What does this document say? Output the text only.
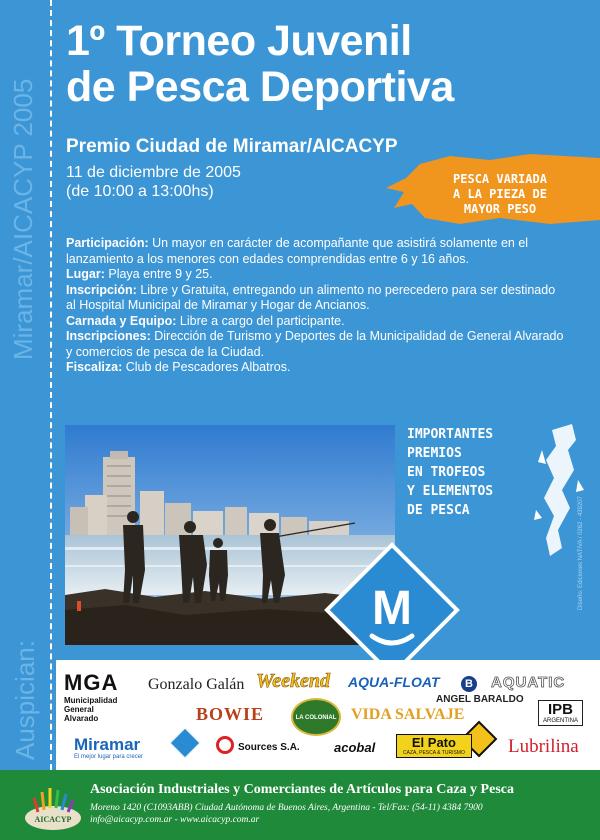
Miramar/AICACYP 2005
Auspician:
1º Torneo Juvenil
de Pesca Deportiva
Premio Ciudad de Miramar/AICACYP
11 de diciembre de 2005
(de 10:00 a 13:00hs)
PESCA VARIADA
A LA PIEZA DE
MAYOR PESO
Participación: Un mayor en carácter de acompañante que asistirá solamente en el lanzamiento a los menores con edades comprendidas entre 6 y 16 años.
Lugar: Playa entre 9 y 25.
Inscripción: Libre y Gratuita, entregando un alimento no perecedero para ser destinado al Hospital Municipal de Miramar y Hogar de Ancianos.
Carnada y Equipo: Libre a cargo del participante.
Inscripciones: Dirección de Turismo y Deportes de la Municipalidad de General Alvarado y comercios de pesca de la Ciudad.
Fiscaliza: Club de Pescadores Albatros.
IMPORTANTES
PREMIOS
EN TROFEOS
Y ELEMENTOS
DE PESCA	Diseño: Ediciones NATIVA / 0262 - 439207
M
MGA
Municipalidad
General
Alvarado
Gonzalo Galán Weekend AQUA-FLOAT	B AQUATIC
ANGEL BARALDO
BOWIE	LA COLONIAL VIDA SALVAJE	IPB
ARGENTINA
Miramar
El mejor lugar para crecer
Sources S.A.	acobal	El Pato
CAZA, PESCA & TURISMO Lubrilina
AICACYP
Asociación Industriales y Comerciantes de Artículos para Caza y Pesca
Moreno 1420 (C1093ABB) Ciudad Autónoma de Buenos Aires, Argentina - Tel/Fax: (54-11) 4384 7900
info@aicacyp.com.ar - www.aicacyp.com.ar
